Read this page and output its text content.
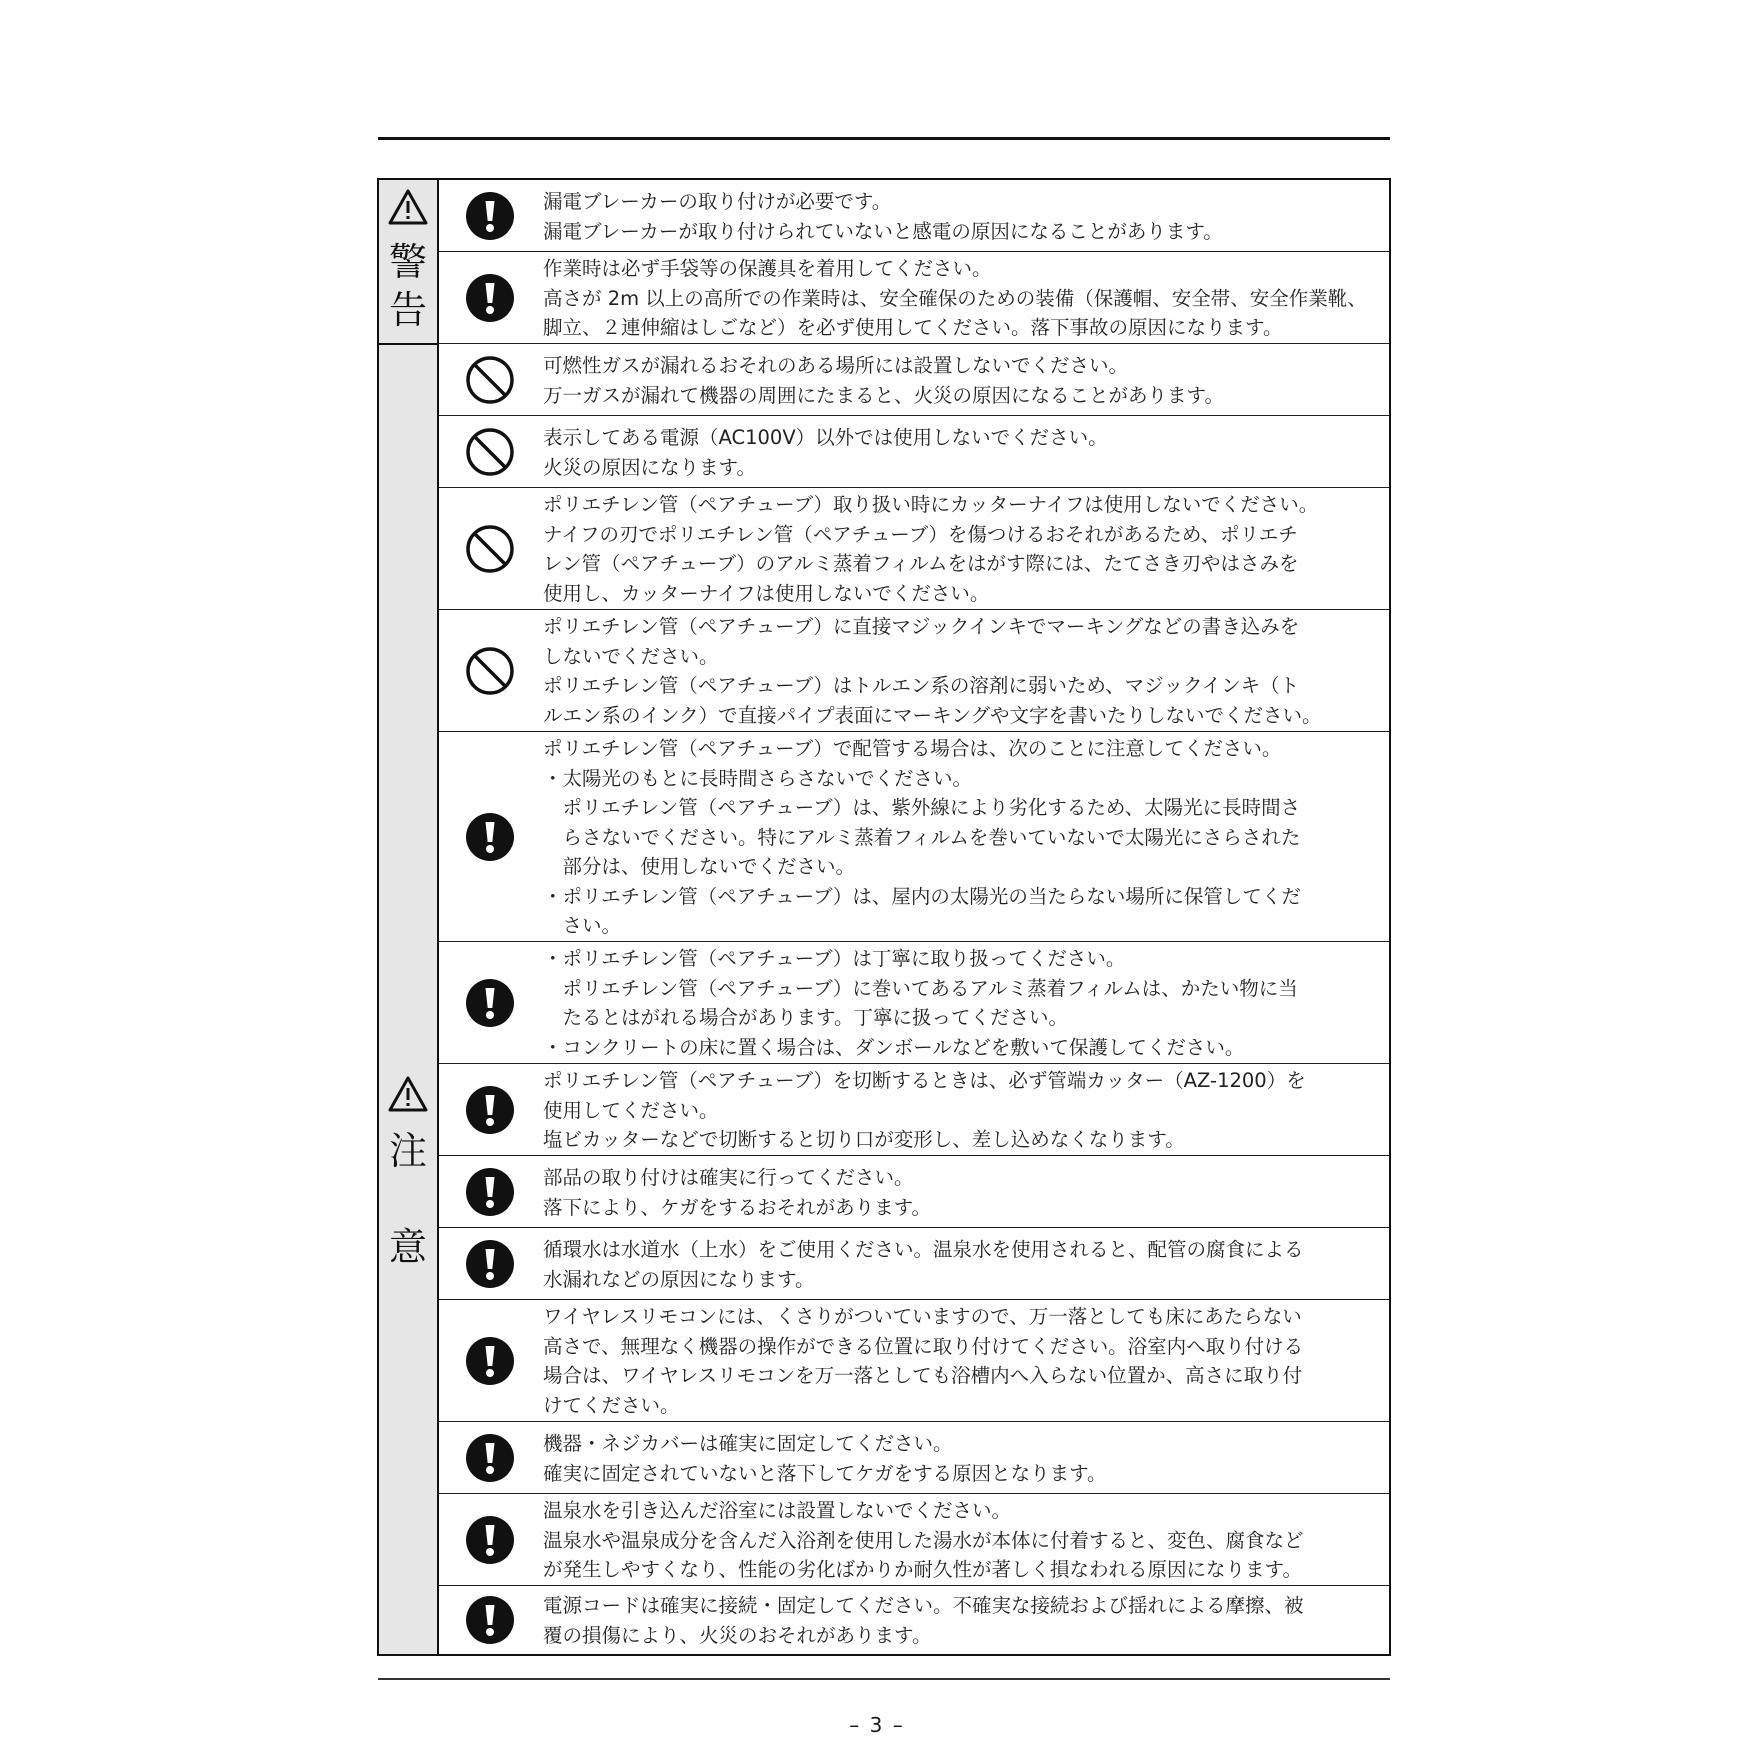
警
告
注

意

漏電ブレーカーの取り付けが必要です。

漏電ブレーカーが取り付けられていないと感電の原因になることがあります。

作業時は必ず手袋等の保護具を着用してください。

高さが 2m 以上の高所での作業時は、安全確保のための装備（保護帽、安全帯、安全作業靴、

脚立、２連伸縮はしごなど）を必ず使用してください。落下事故の原因になります。

可燃性ガスが漏れるおそれのある場所には設置しないでください。

万一ガスが漏れて機器の周囲にたまると、火災の原因になることがあります。

表示してある電源（AC100V）以外では使用しないでください。

火災の原因になります。

ポリエチレン管（ペアチューブ）取り扱い時にカッターナイフは使用しないでください。

ナイフの刃でポリエチレン管（ペアチューブ）を傷つけるおそれがあるため、ポリエチ

レン管（ペアチューブ）のアルミ蒸着フィルムをはがす際には、たてさき刃やはさみを

使用し、カッターナイフは使用しないでください。

ポリエチレン管（ペアチューブ）に直接マジックインキでマーキングなどの書き込みを

しないでください。

ポリエチレン管（ペアチューブ）はトルエン系の溶剤に弱いため、マジックインキ（ト

ルエン系のインク）で直接パイプ表面にマーキングや文字を書いたりしないでください。

ポリエチレン管（ペアチューブ）で配管する場合は、次のことに注意してください。

・太陽光のもとに長時間さらさないでください。

　ポリエチレン管（ペアチューブ）は、紫外線により劣化するため、太陽光に長時間さ

　らさないでください。特にアルミ蒸着フィルムを巻いていないで太陽光にさらされた

　部分は、使用しないでください。

・ポリエチレン管（ペアチューブ）は、屋内の太陽光の当たらない場所に保管してくだ

　さい。

・ポリエチレン管（ペアチューブ）は丁寧に取り扱ってください。

　ポリエチレン管（ペアチューブ）に巻いてあるアルミ蒸着フィルムは、かたい物に当

　たるとはがれる場合があります。丁寧に扱ってください。

・コンクリートの床に置く場合は、ダンボールなどを敷いて保護してください。

ポリエチレン管（ペアチューブ）を切断するときは、必ず管端カッター（AZ-1200）を

使用してください。

塩ビカッターなどで切断すると切り口が変形し、差し込めなくなります。

部品の取り付けは確実に行ってください。

落下により、ケガをするおそれがあります。

循環水は水道水（上水）をご使用ください。温泉水を使用されると、配管の腐食による

水漏れなどの原因になります。

ワイヤレスリモコンには、くさりがついていますので、万一落としても床にあたらない

高さで、無理なく機器の操作ができる位置に取り付けてください。浴室内へ取り付ける

場合は、ワイヤレスリモコンを万一落としても浴槽内へ入らない位置か、高さに取り付

けてください。

機器・ネジカバーは確実に固定してください。

確実に固定されていないと落下してケガをする原因となります。

温泉水を引き込んだ浴室には設置しないでください。

温泉水や温泉成分を含んだ入浴剤を使用した湯水が本体に付着すると、変色、腐食など

が発生しやすくなり、性能の劣化ばかりか耐久性が著しく損なわれる原因になります。

電源コードは確実に接続・固定してください。不確実な接続および揺れによる摩擦、被

覆の損傷により、火災のおそれがあります。

– 3 –
